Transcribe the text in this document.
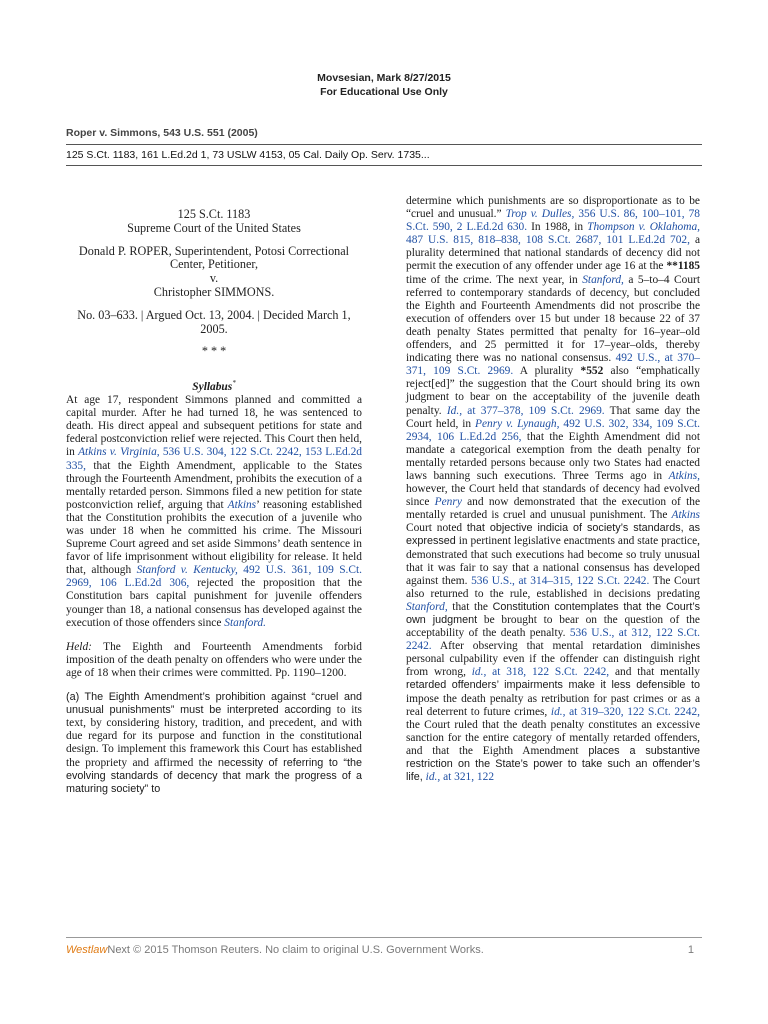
Movsesian, Mark 8/27/2015
For Educational Use Only
Roper v. Simmons, 543 U.S. 551 (2005)
125 S.Ct. 1183, 161 L.Ed.2d 1, 73 USLW 4153, 05 Cal. Daily Op. Serv. 1735...
125 S.Ct. 1183
Supreme Court of the United States
Donald P. ROPER, Superintendent, Potosi Correctional Center, Petitioner,
v.
Christopher SIMMONS.
No. 03–633. | Argued Oct. 13, 2004. | Decided March 1, 2005.
* * *

Syllabus*

At age 17, respondent Simmons planned and committed a capital murder. After he had turned 18, he was sentenced to death. His direct appeal and subsequent petitions for state and federal postconviction relief were rejected. This Court then held, in Atkins v. Virginia, 536 U.S. 304, 122 S.Ct. 2242, 153 L.Ed.2d 335, that the Eighth Amendment, applicable to the States through the Fourteenth Amendment, prohibits the execution of a mentally retarded person. Simmons filed a new petition for state postconviction relief, arguing that Atkins’ reasoning established that the Constitution prohibits the execution of a juvenile who was under 18 when he committed his crime. The Missouri Supreme Court agreed and set aside Simmons’ death sentence in favor of life imprisonment without eligibility for release. It held that, although Stanford v. Kentucky, 492 U.S. 361, 109 S.Ct. 2969, 106 L.Ed.2d 306, rejected the proposition that the Constitution bars capital punishment for juvenile offenders younger than 18, a national consensus has developed against the execution of those offenders since Stanford.

Held: The Eighth and Fourteenth Amendments forbid imposition of the death penalty on offenders who were under the age of 18 when their crimes were committed. Pp. 1190–1200.

(a) The Eighth Amendment’s prohibition against “cruel and unusual punishments” must be interpreted according to its text, by considering history, tradition, and precedent, and with due regard for its purpose and function in the constitutional design. To implement this framework this Court has established the propriety and affirmed the necessity of referring to “the evolving standards of decency that mark the progress of a maturing society” to

determine which punishments are so disproportionate as to be “cruel and unusual.” Trop v. Dulles, 356 U.S. 86, 100–101, 78 S.Ct. 590, 2 L.Ed.2d 630. In 1988, in Thompson v. Oklahoma, 487 U.S. 815, 818–838, 108 S.Ct. 2687, 101 L.Ed.2d 702, a plurality determined that national standards of decency did not permit the execution of any offender under age 16 at the **1185 time of the crime. The next year, in Stanford, a 5–to–4 Court referred to contemporary standards of decency, but concluded the Eighth and Fourteenth Amendments did not proscribe the execution of offenders over 15 but under 18 because 22 of 37 death penalty States permitted that penalty for 16–year–old offenders, and 25 permitted it for 17–year–olds, thereby indicating there was no national consensus. 492 U.S., at 370–371, 109 S.Ct. 2969. A plurality *552 also “emphatically reject[ed]” the suggestion that the Court should bring its own judgment to bear on the acceptability of the juvenile death penalty. Id., at 377–378, 109 S.Ct. 2969. That same day the Court held, in Penry v. Lynaugh, 492 U.S. 302, 334, 109 S.Ct. 2934, 106 L.Ed.2d 256, that the Eighth Amendment did not mandate a categorical exemption from the death penalty for mentally retarded persons because only two States had enacted laws banning such executions. Three Terms ago in Atkins, however, the Court held that standards of decency had evolved since Penry and now demonstrated that the execution of the mentally retarded is cruel and unusual punishment. The Atkins Court noted that objective indicia of society’s standards, as expressed in pertinent legislative enactments and state practice, demonstrated that such executions had become so truly unusual that it was fair to say that a national consensus has developed against them. 536 U.S., at 314–315, 122 S.Ct. 2242. The Court also returned to the rule, established in decisions predating Stanford, that the Constitution contemplates that the Court’s own judgment be brought to bear on the question of the acceptability of the death penalty. 536 U.S., at 312, 122 S.Ct. 2242. After observing that mental retardation diminishes personal culpability even if the offender can distinguish right from wrong, id., at 318, 122 S.Ct. 2242, and that mentally retarded offenders’ impairments make it less defensible to impose the death penalty as retribution for past crimes or as a real deterrent to future crimes, id., at 319–320, 122 S.Ct. 2242, the Court ruled that the death penalty constitutes an excessive sanction for the entire category of mentally retarded offenders, and that the Eighth Amendment places a substantive restriction on the State’s power to take such an offender’s life, id., at 321, 122

WestlawNext © 2015 Thomson Reuters. No claim to original U.S. Government Works.	1
